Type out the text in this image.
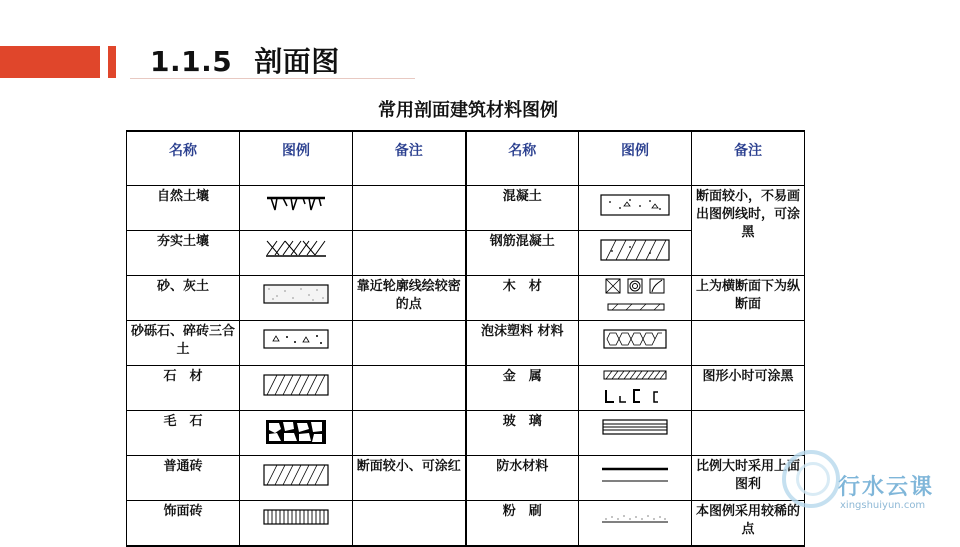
1.1.5 剖面图
常用剖面建筑材料图例
名称	图例	备注	名称	图例	备注
自然土壤			混凝土		断面较小，不易画出图例线时，可涂黑
夯实土壤			钢筋混凝土	

砂、灰土		靠近轮廓线绘较密的点	木　材		上为横断面下为纵断面
砂砾石、碎砖三合土			泡沫塑料 材料	

石　材			金　属		图形小时可涂黑
毛　石			玻　璃	

普通砖		断面较小、可涂红	防水材料		比例大时采用上面图利
饰面砖			粉　刷		本图例采用较稀的点
行水云课
xingshuiyun.com
